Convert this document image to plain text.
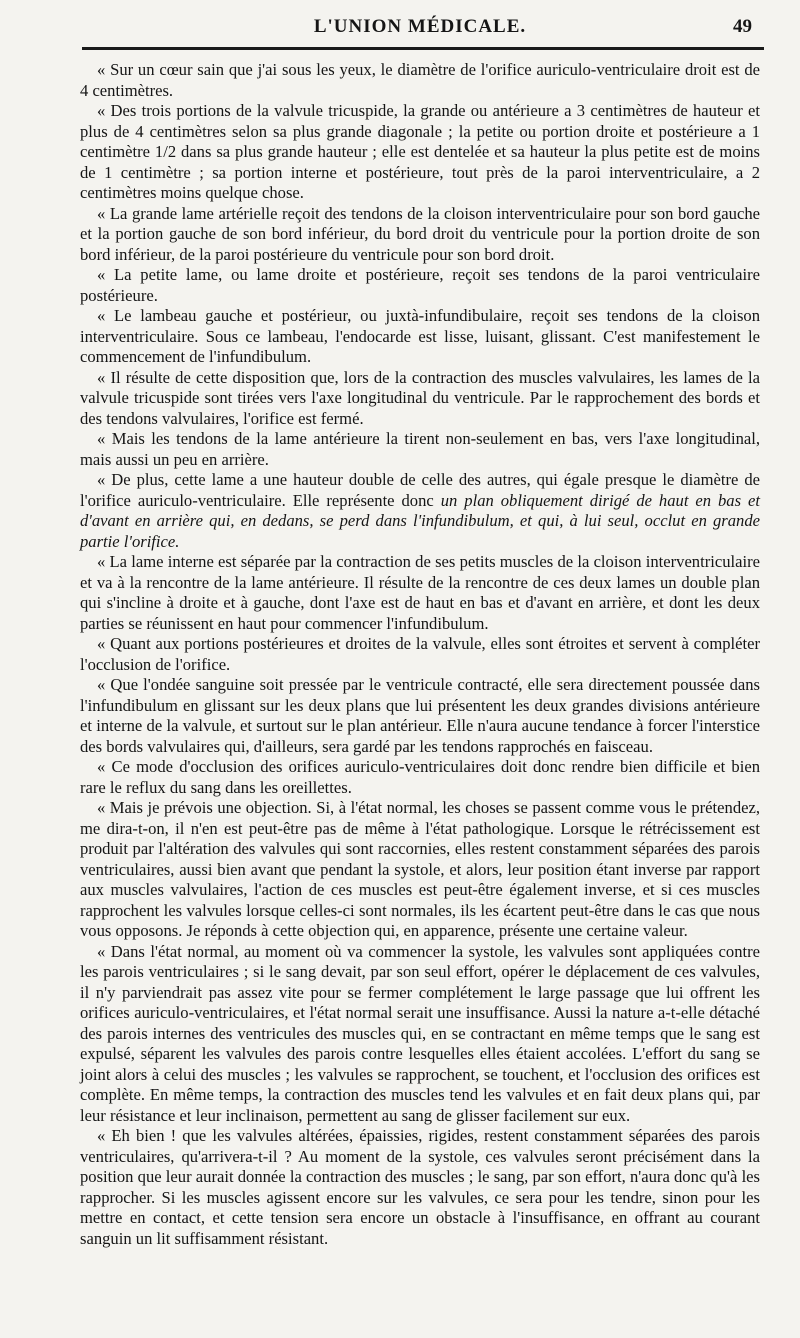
L'UNION MÉDICALE.	49

« Sur un cœur sain que j'ai sous les yeux, le diamètre de l'orifice auriculo-ventriculaire droit est de 4 centimètres.

« Des trois portions de la valvule tricuspide, la grande ou antérieure a 3 centimètres de hauteur et plus de 4 centimètres selon sa plus grande diagonale ; la petite ou portion droite et postérieure a 1 centimètre 1/2 dans sa plus grande hauteur ; elle est dentelée et sa hauteur la plus petite est de moins de 1 centimètre ; sa portion interne et postérieure, tout près de la paroi interventriculaire, a 2 centimètres moins quelque chose.

« La grande lame artérielle reçoit des tendons de la cloison interventriculaire pour son bord gauche et la portion gauche de son bord inférieur, du bord droit du ventricule pour la portion droite de son bord inférieur, de la paroi postérieure du ventricule pour son bord droit.

« La petite lame, ou lame droite et postérieure, reçoit ses tendons de la paroi ventriculaire postérieure.

« Le lambeau gauche et postérieur, ou juxtà-infundibulaire, reçoit ses tendons de la cloison interventriculaire. Sous ce lambeau, l'endocarde est lisse, luisant, glissant. C'est manifestement le commencement de l'infundibulum.

« Il résulte de cette disposition que, lors de la contraction des muscles valvulaires, les lames de la valvule tricuspide sont tirées vers l'axe longitudinal du ventricule. Par le rapprochement des bords et des tendons valvulaires, l'orifice est fermé.

« Mais les tendons de la lame antérieure la tirent non-seulement en bas, vers l'axe longitudinal, mais aussi un peu en arrière.

« De plus, cette lame a une hauteur double de celle des autres, qui égale presque le diamètre de l'orifice auriculo-ventriculaire. Elle représente donc un plan obliquement dirigé de haut en bas et d'avant en arrière qui, en dedans, se perd dans l'infundibulum, et qui, à lui seul, occlut en grande partie l'orifice.

« La lame interne est séparée par la contraction de ses petits muscles de la cloison interventriculaire et va à la rencontre de la lame antérieure. Il résulte de la rencontre de ces deux lames un double plan qui s'incline à droite et à gauche, dont l'axe est de haut en bas et d'avant en arrière, et dont les deux parties se réunissent en haut pour commencer l'infundibulum.

« Quant aux portions postérieures et droites de la valvule, elles sont étroites et servent à compléter l'occlusion de l'orifice.

« Que l'ondée sanguine soit pressée par le ventricule contracté, elle sera directement poussée dans l'infundibulum en glissant sur les deux plans que lui présentent les deux grandes divisions antérieure et interne de la valvule, et surtout sur le plan antérieur. Elle n'aura aucune tendance à forcer l'interstice des bords valvulaires qui, d'ailleurs, sera gardé par les tendons rapprochés en faisceau.

« Ce mode d'occlusion des orifices auriculo-ventriculaires doit donc rendre bien difficile et bien rare le reflux du sang dans les oreillettes.

« Mais je prévois une objection. Si, à l'état normal, les choses se passent comme vous le prétendez, me dira-t-on, il n'en est peut-être pas de même à l'état pathologique. Lorsque le rétrécissement est produit par l'altération des valvules qui sont raccornies, elles restent constamment séparées des parois ventriculaires, aussi bien avant que pendant la systole, et alors, leur position étant inverse par rapport aux muscles valvulaires, l'action de ces muscles est peut-être également inverse, et si ces muscles rapprochent les valvules lorsque celles-ci sont normales, ils les écartent peut-être dans le cas que nous vous opposons. Je réponds à cette objection qui, en apparence, présente une certaine valeur.

« Dans l'état normal, au moment où va commencer la systole, les valvules sont appliquées contre les parois ventriculaires ; si le sang devait, par son seul effort, opérer le déplacement de ces valvules, il n'y parviendrait pas assez vite pour se fermer complétement le large passage que lui offrent les orifices auriculo-ventriculaires, et l'état normal serait une insuffisance. Aussi la nature a-t-elle détaché des parois internes des ventricules des muscles qui, en se contractant en même temps que le sang est expulsé, séparent les valvules des parois contre lesquelles elles étaient accolées. L'effort du sang se joint alors à celui des muscles ; les valvules se rapprochent, se touchent, et l'occlusion des orifices est complète. En même temps, la contraction des muscles tend les valvules et en fait deux plans qui, par leur résistance et leur inclinaison, permettent au sang de glisser facilement sur eux.

« Eh bien ! que les valvules altérées, épaissies, rigides, restent constamment séparées des parois ventriculaires, qu'arrivera-t-il ? Au moment de la systole, ces valvules seront précisément dans la position que leur aurait donnée la contraction des muscles ; le sang, par son effort, n'aura donc qu'à les rapprocher. Si les muscles agissent encore sur les valvules, ce sera pour les tendre, sinon pour les mettre en contact, et cette tension sera encore un obstacle à l'insuffisance, en offrant au courant sanguin un lit suffisamment résistant.
